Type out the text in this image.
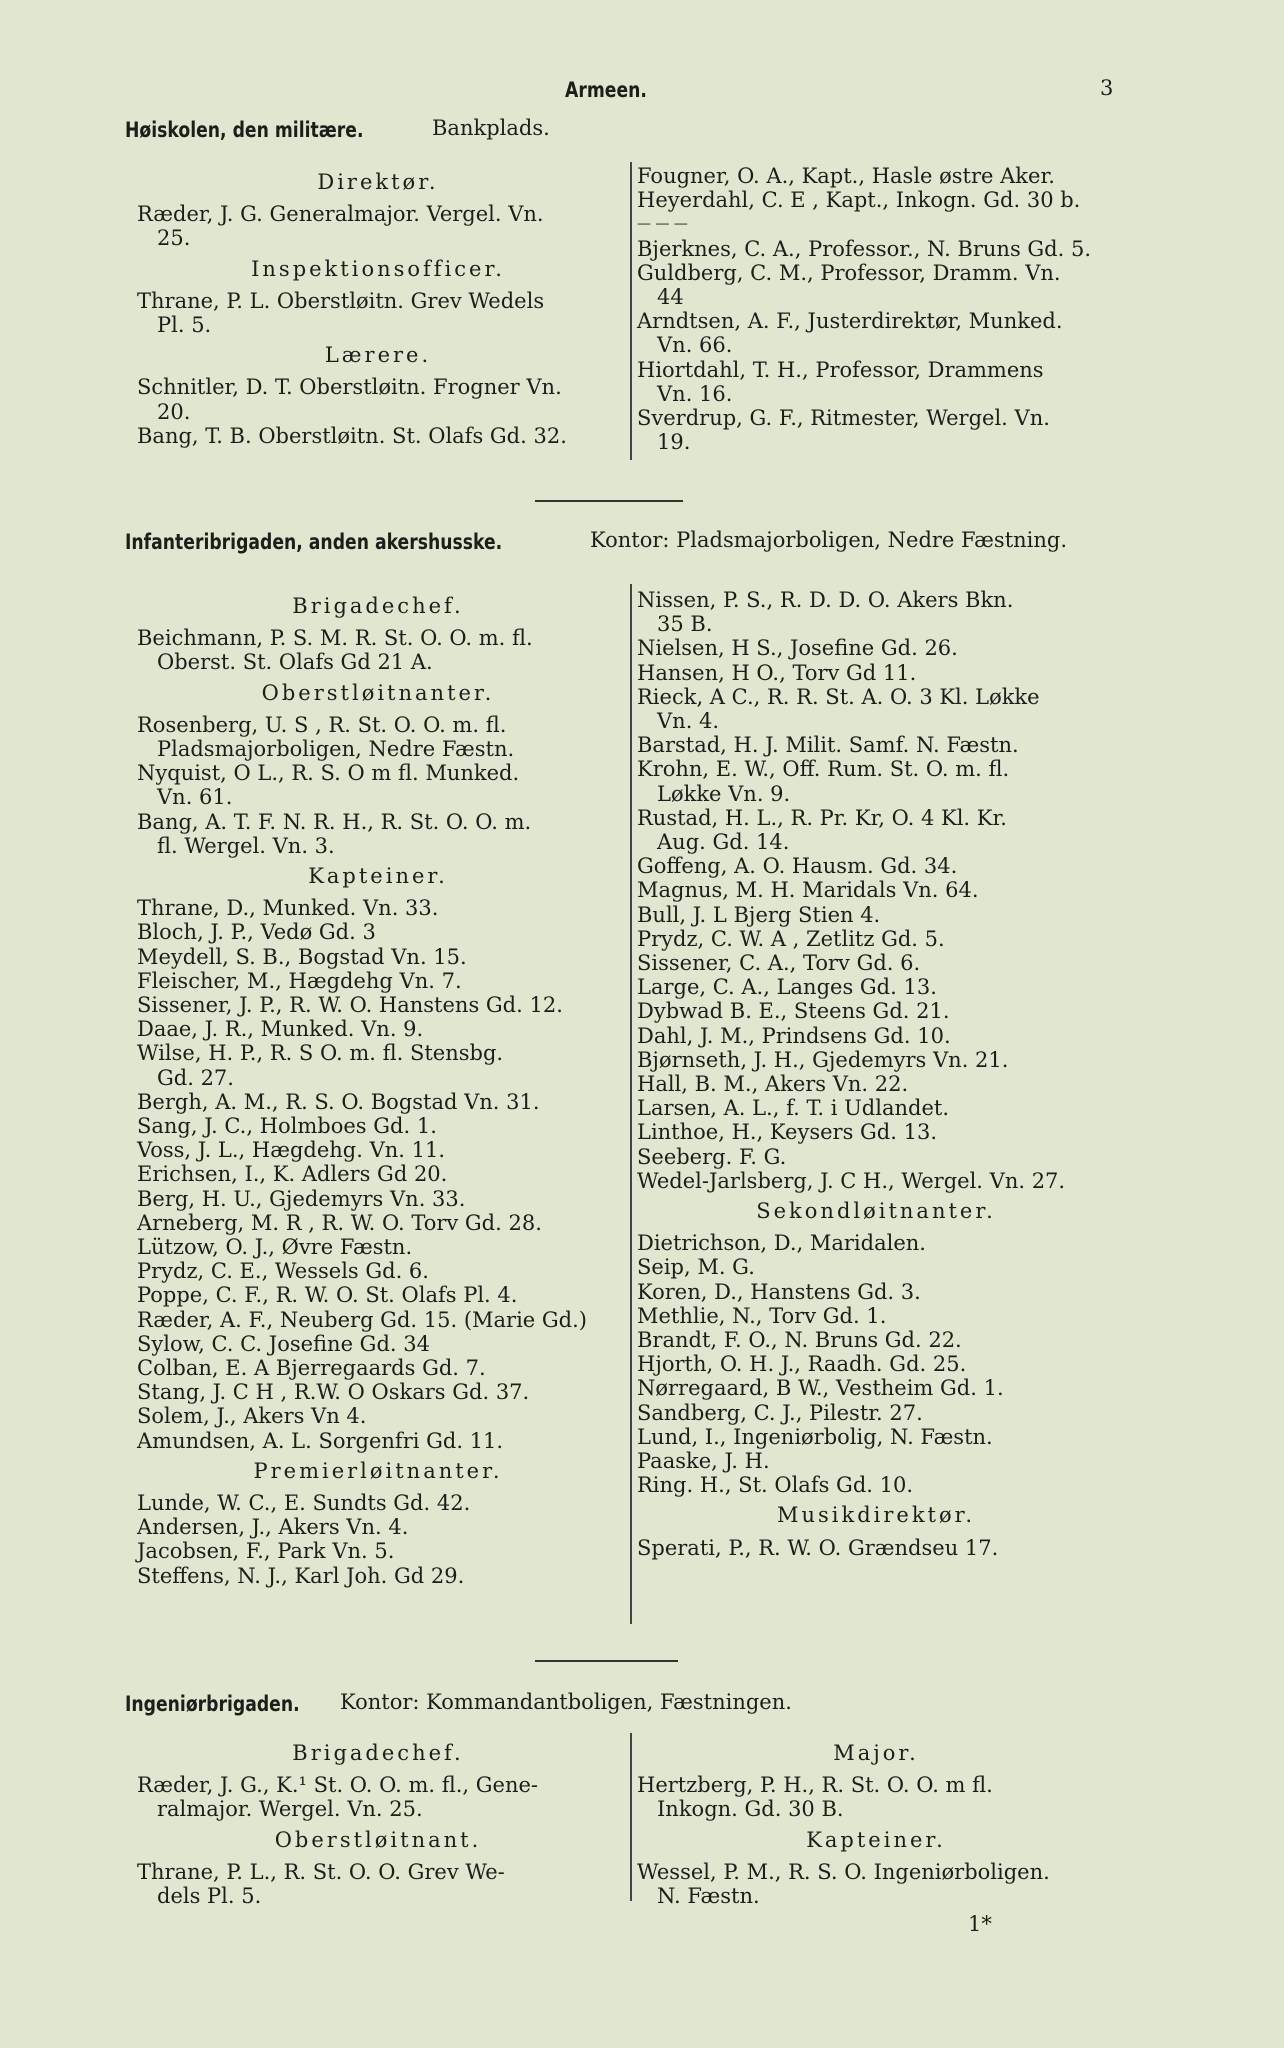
Armeen.	3
Høiskolen, den militære.	Bankplads.
Direktør.
Ræder, J. G. Generalmajor. Vergel. Vn.
25.
Inspektionsofficer.
Thrane, P. L. Oberstløitn. Grev Wedels
Pl. 5.
Lærere.
Schnitler, D. T. Oberstløitn. Frogner Vn.
20.
Bang, T. B. Oberstløitn. St. Olafs Gd. 32.
Fougner, O. A., Kapt., Hasle østre Aker.
Heyerdahl, C. E , Kapt., Inkogn. Gd. 30 b.
— — —
Bjerknes, C. A., Professor., N. Bruns Gd. 5.
Guldberg, C. M., Professor, Dramm. Vn.
44
Arndtsen, A. F., Justerdirektør, Munked.
Vn. 66.
Hiortdahl, T. H., Professor, Drammens
Vn. 16.
Sverdrup, G. F., Ritmester, Wergel. Vn.
19.
Infanteribrigaden, anden akershusske.	Kontor: Pladsmajorboligen, Nedre Fæstning.
Brigadechef.
Beichmann, P. S. M. R. St. O. O. m. fl.
Oberst. St. Olafs Gd 21 A.
Oberstløitnanter.
Rosenberg, U. S , R. St. O. O. m. fl.
Pladsmajorboligen, Nedre Fæstn.
Nyquist, O L., R. S. O m fl. Munked.
Vn. 61.
Bang, A. T. F. N. R. H., R. St. O. O. m.
fl. Wergel. Vn. 3.
Kapteiner.
Thrane, D., Munked. Vn. 33.
Bloch, J. P., Vedø Gd. 3
Meydell, S. B., Bogstad Vn. 15.
Fleischer, M., Hægdehg Vn. 7.
Sissener, J. P., R. W. O. Hanstens Gd. 12.
Daae, J. R., Munked. Vn. 9.
Wilse, H. P., R. S O. m. fl. Stensbg.
Gd. 27.
Bergh, A. M., R. S. O. Bogstad Vn. 31.
Sang, J. C., Holmboes Gd. 1.
Voss, J. L., Hægdehg. Vn. 11.
Erichsen, I., K. Adlers Gd 20.
Berg, H. U., Gjedemyrs Vn. 33.
Arneberg, M. R , R. W. O. Torv Gd. 28.
Lützow, O. J., Øvre Fæstn.
Prydz, C. E., Wessels Gd. 6.
Poppe, C. F., R. W. O. St. Olafs Pl. 4.
Ræder, A. F., Neuberg Gd. 15. (Marie Gd.)
Sylow, C. C. Josefine Gd. 34
Colban, E. A Bjerregaards Gd. 7.
Stang, J. C H , R.W. O Oskars Gd. 37.
Solem, J., Akers Vn 4.
Amundsen, A. L. Sorgenfri Gd. 11.
Premierløitnanter.
Lunde, W. C., E. Sundts Gd. 42.
Andersen, J., Akers Vn. 4.
Jacobsen, F., Park Vn. 5.
Steffens, N. J., Karl Joh. Gd 29.
Nissen, P. S., R. D. D. O. Akers Bkn.
35 B.
Nielsen, H S., Josefine Gd. 26.
Hansen, H O., Torv Gd 11.
Rieck, A C., R. R. St. A. O. 3 Kl. Løkke
Vn. 4.
Barstad, H. J. Milit. Samf. N. Fæstn.
Krohn, E. W., Off. Rum. St. O. m. fl.
Løkke Vn. 9.
Rustad, H. L., R. Pr. Kr, O. 4 Kl. Kr.
Aug. Gd. 14.
Goffeng, A. O. Hausm. Gd. 34.
Magnus, M. H. Maridals Vn. 64.
Bull, J. L Bjerg Stien 4.
Prydz, C. W. A , Zetlitz Gd. 5.
Sissener, C. A., Torv Gd. 6.
Large, C. A., Langes Gd. 13.
Dybwad B. E., Steens Gd. 21.
Dahl, J. M., Prindsens Gd. 10.
Bjørnseth, J. H., Gjedemyrs Vn. 21.
Hall, B. M., Akers Vn. 22.
Larsen, A. L., f. T. i Udlandet.
Linthoe, H., Keysers Gd. 13.
Seeberg. F. G.
Wedel-Jarlsberg, J. C H., Wergel. Vn. 27.
Sekondløitnanter.
Dietrichson, D., Maridalen.
Seip, M. G.
Koren, D., Hanstens Gd. 3.
Methlie, N., Torv Gd. 1.
Brandt, F. O., N. Bruns Gd. 22.
Hjorth, O. H. J., Raadh. Gd. 25.
Nørregaard, B W., Vestheim Gd. 1.
Sandberg, C. J., Pilestr. 27.
Lund, I., Ingeniørbolig, N. Fæstn.
Paaske, J. H.
Ring. H., St. Olafs Gd. 10.
Musikdirektør.
Sperati, P., R. W. O. Grændseu 17.
Ingeniørbrigaden. Kontor: Kommandantboligen, Fæstningen.
Brigadechef.
Ræder, J. G., K.¹ St. O. O. m. fl., Gene-
ralmajor. Wergel. Vn. 25.
Oberstløitnant.
Thrane, P. L., R. St. O. O. Grev We-
dels Pl. 5.
Major.
Hertzberg, P. H., R. St. O. O. m fl.
Inkogn. Gd. 30 B.
Kapteiner.
Wessel, P. M., R. S. O. Ingeniørboligen.
N. Fæstn.
1*
